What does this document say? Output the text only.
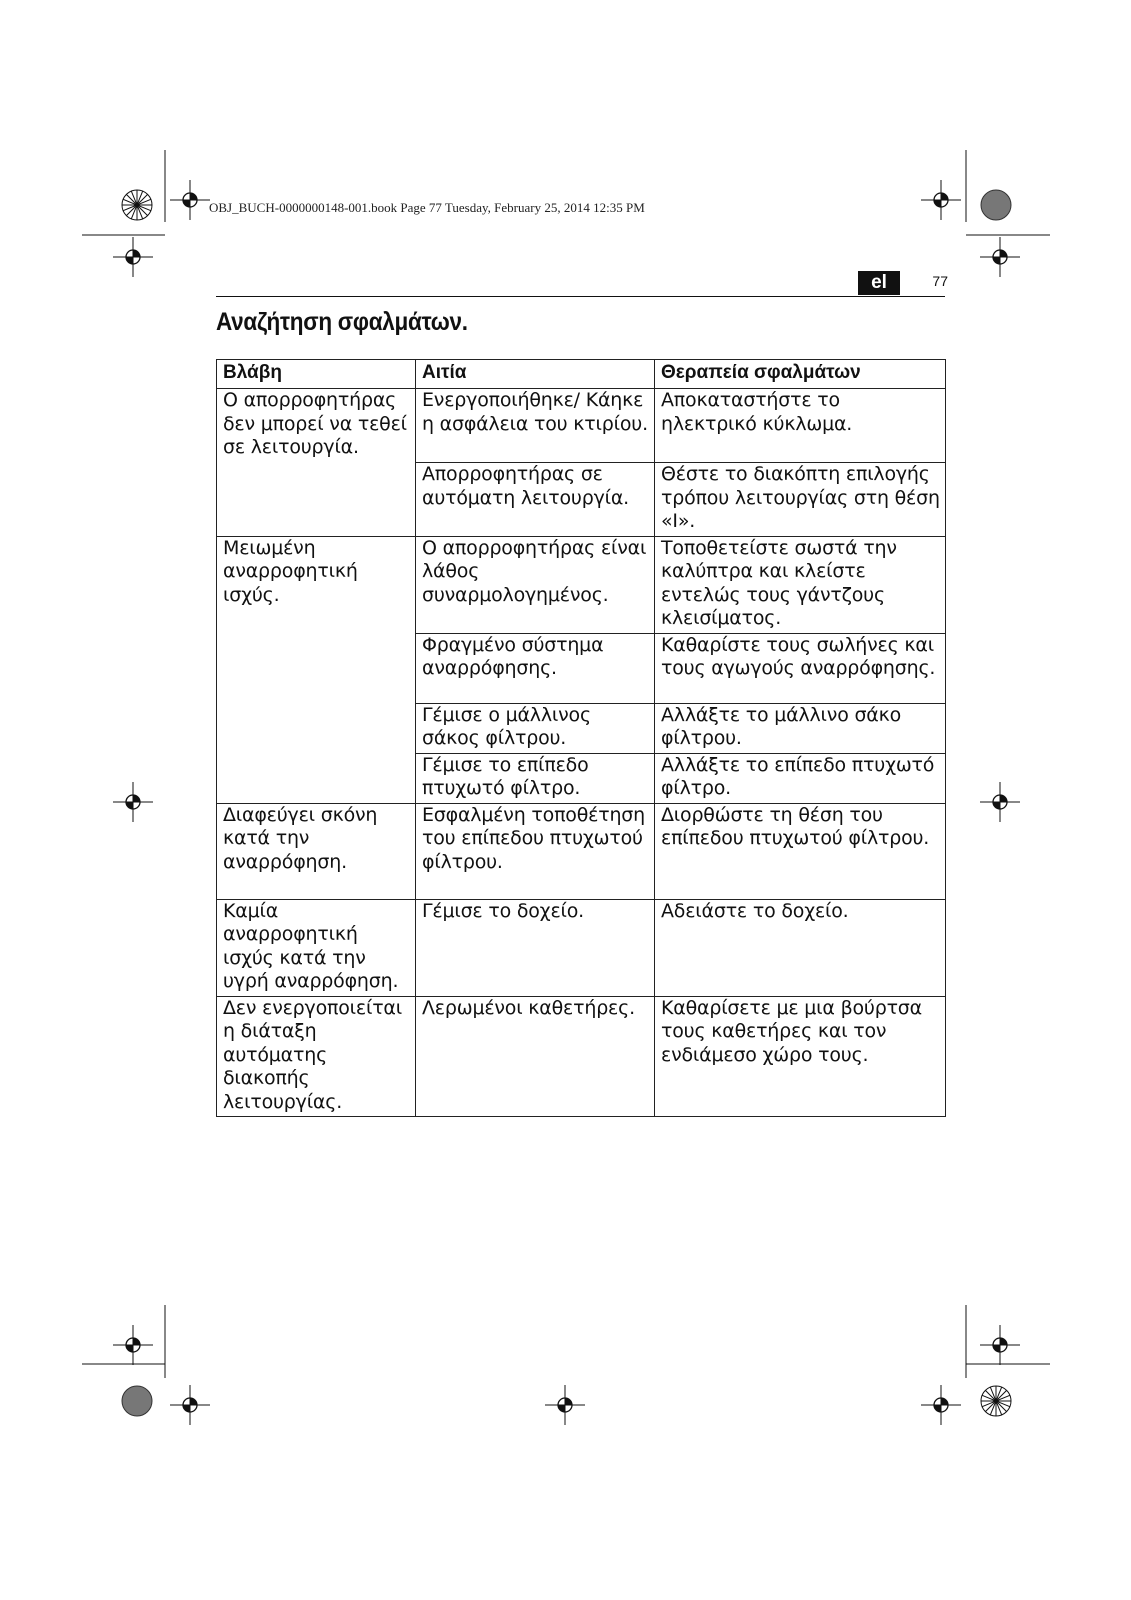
OBJ_BUCH-0000000148-001.book Page 77 Tuesday, February 25, 2014 12:35 PM
el	77
Αναζήτηση σφαλμάτων.
Βλάβη	Αιτία	Θεραπεία σφαλμάτων
Ο απορροφητήρας δεν μπορεί να τεθεί σε λειτουργία.	Ενεργοποιήθηκε/ Κάηκε η ασφάλεια του κτιρίου.	Αποκαταστήστε το ηλεκτρικό κύκλωμα.
	Απορροφητήρας σε αυτόματη λειτουργία.	Θέστε το διακόπτη επιλογής τρόπου λειτουργίας στη θέση «I».
Μειωμένη αναρροφητική ισχύς.	Ο απορροφητήρας είναι λάθος συναρμολογημένος.	Τοποθετείστε σωστά την καλύπτρα και κλείστε εντελώς τους γάντζους κλεισίματος.
	Φραγμένο σύστημα αναρρόφησης.	Καθαρίστε τους σωλήνες και τους αγωγούς αναρρόφησης.
	Γέμισε ο μάλλινος σάκος φίλτρου.	Αλλάξτε το μάλλινο σάκο φίλτρου.
	Γέμισε το επίπεδο πτυχωτό φίλτρο.	Αλλάξτε το επίπεδο πτυχωτό φίλτρο.
Διαφεύγει σκόνη κατά την αναρρόφηση.	Εσφαλμένη τοποθέτηση του επίπεδου πτυχωτού φίλτρου.	Διορθώστε τη θέση του επίπεδου πτυχωτού φίλτρου.
Καμία αναρροφητική ισχύς κατά την υγρή αναρρόφηση.	Γέμισε το δοχείο.	Αδειάστε το δοχείο.
Δεν ενεργοποιείται η διάταξη αυτόματης διακοπής λειτουργίας.	Λερωμένοι καθετήρες.	Καθαρίσετε με μια βούρτσα τους καθετήρες και τον ενδιάμεσο χώρο τους.
